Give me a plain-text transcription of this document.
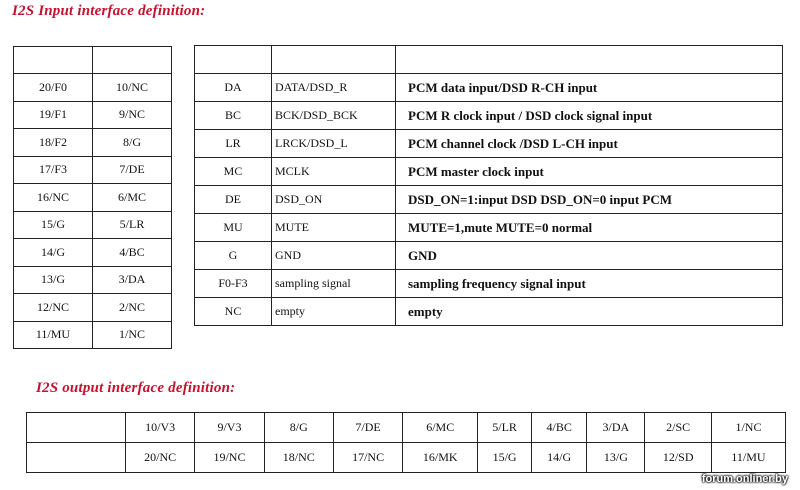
I2S Input interface definition:

20/F0	10/NC
19/F1	9/NC
18/F2	8/G
17/F3	7/DE
16/NC	6/MC
15/G	5/LR
14/G	4/BC
13/G	3/DA
12/NC	2/NC
11/MU	1/NC

DA	DATA/DSD_R	PCM data input/DSD R-CH input
BC	BCK/DSD_BCK	PCM R clock input / DSD clock signal input
LR	LRCK/DSD_L	PCM channel clock /DSD L-CH input
MC	MCLK	PCM master clock input
DE	DSD_ON	DSD_ON=1:input DSD DSD_ON=0 input PCM
MU	MUTE	MUTE=1,mute MUTE=0 normal
G	GND	GND
F0-F3	sampling signal	sampling frequency signal input
NC	empty	empty
I2S output interface definition:
	10/V3	9/V3	8/G	7/DE	6/MC	5/LR	4/BC	3/DA	2/SC	1/NC
	20/NC	19/NC	18/NC	17/NC	16/MK	15/G	14/G	13/G	12/SD	11/MU
forum.onliner.by
